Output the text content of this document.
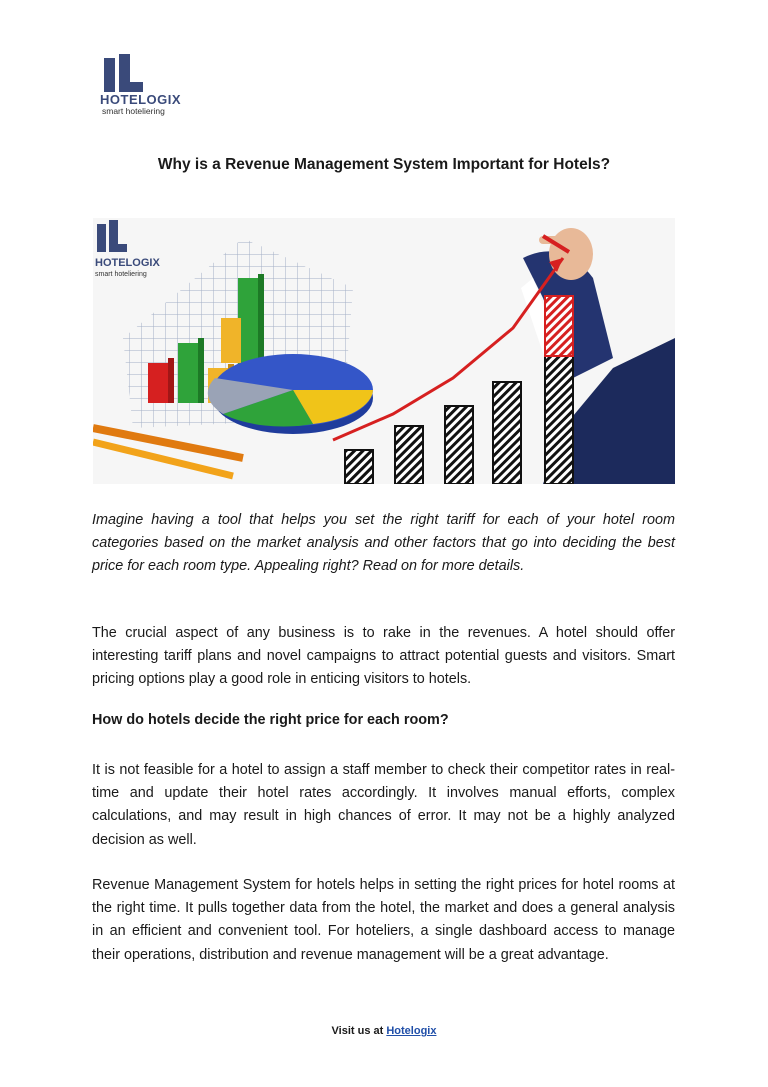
HOTELOGIX
smart hoteliering
Why is a Revenue Management System Important for Hotels?
HOTELOGIX
smart hoteliering

Imagine having a tool that helps you set the right tariff for each of your hotel room categories based on the market analysis and other factors that go into deciding the best price for each room type. Appealing right? Read on for more details.

The crucial aspect of any business is to rake in the revenues. A hotel should offer interesting tariff plans and novel campaigns to attract potential guests and visitors. Smart pricing options play a good role in enticing visitors to hotels.

How do hotels decide the right price for each room?

It is not feasible for a hotel to assign a staff member to check their competitor rates in real-time and update their hotel rates accordingly. It involves manual efforts, complex calculations, and may result in high chances of error. It may not be a highly analyzed decision as well.

Revenue Management System for hotels helps in setting the right prices for hotel rooms at the right time. It pulls together data from the hotel, the market and does a general analysis in an efficient and convenient tool. For hoteliers, a single dashboard access to manage their operations, distribution and revenue management will be a great advantage.

Visit us at Hotelogix
